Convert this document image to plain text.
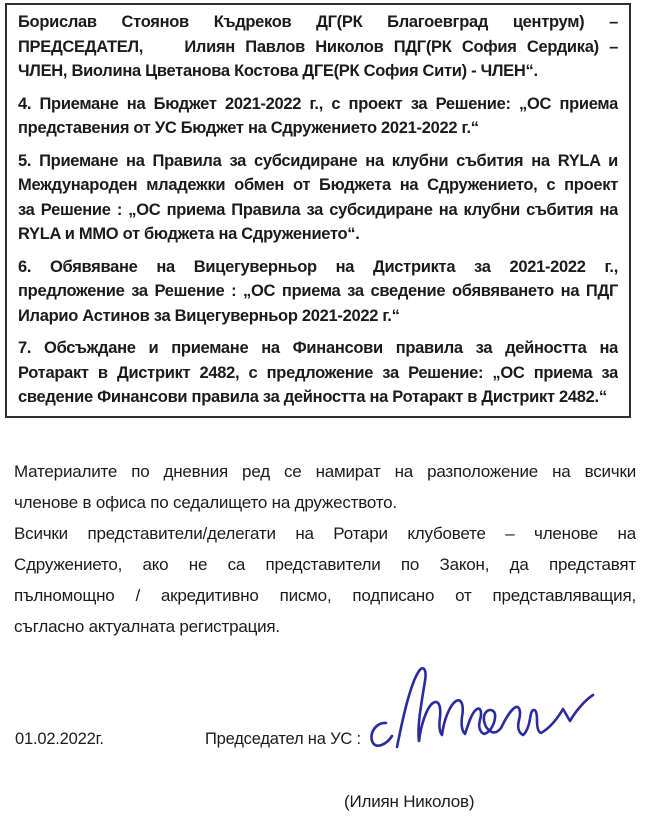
Борислав Стоянов Къдреков ДГ(РК Благоевград центрум) –
ПРЕДСЕДАТЕЛ,    Илиян Павлов Николов ПДГ(РК София Сердика) –
ЧЛЕН, Виолина Цветанова Костова ДГЕ(РК София Сити) - ЧЛЕН“.
4. Приемане на Бюджет 2021-2022 г., с проект за Решение: „ОС приема
представения от УС Бюджет на Сдружението 2021-2022 г.“
5. Приемане на Правила за субсидиране на клубни събития на RYLA и
Международен младежки обмен от Бюджета на Сдружението, с проект
за Решение : „ОС приема Правила за субсидиране на клубни събития на
RYLA и ММО от бюджета на Сдружението“.
6. Обявяване на Вицегуверньор на Дистрикта за 2021-2022 г.,
предложение за Решение : „ОС приема за сведение обявяването на ПДГ
Иларио Астинов за Вицегуверньор 2021-2022 г.“
7. Обсъждане и приемане на Финансови правила за дейността на
Ротаракт в Дистрикт 2482, с предложение за Решение: „ОС приема за
сведение Финансови правила за дейността на Ротаракт в Дистрикт 2482.“
Материалите по дневния ред се намират на разположение на всички
членове в офиса по седалището на дружеството.
Всички представители/делегати на Ротари клубовете – членове на
Сдружението, ако не са представители по Закон, да представят
пълномощно / акредитивно писмо, подписано от представляващия,
съгласно актуалната регистрация.
01.02.2022г.	Председател на УС :
(Илиян Николов)
